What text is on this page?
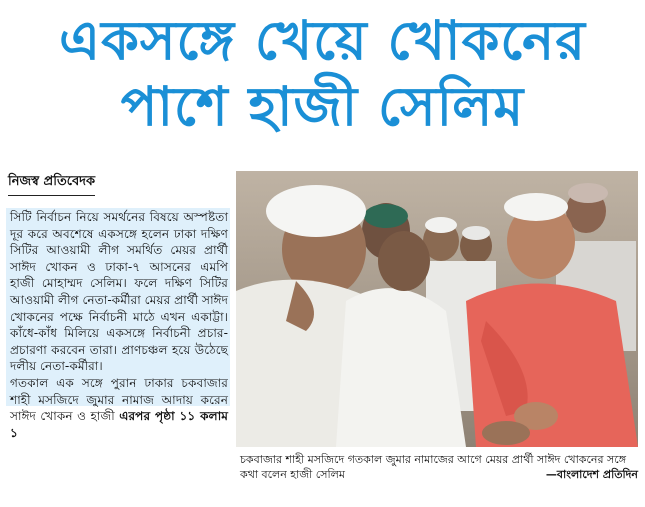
একসঙ্গে খেয়ে খোকনের
পাশে হাজী সেলিম
নিজস্ব প্রতিবেদক

সিটি নির্বাচন নিয়ে সমর্থনের বিষয়ে অস্পষ্টতা দূর করে অবশেষে একসঙ্গে হলেন ঢাকা দক্ষিণ সিটির আওয়ামী লীগ সমর্থিত মেয়র প্রার্থী সাঈদ খোকন ও ঢাকা-৭ আসনের এমপি হাজী মোহাম্মদ সেলিম। ফলে দক্ষিণ সিটির আওয়ামী লীগ নেতা-কর্মীরা মেয়র প্রার্থী সাঈদ খোকনের পক্ষে নির্বাচনী মাঠে এখন একাট্টা। কাঁধে-কাঁধ মিলিয়ে একসঙ্গে নির্বাচনী প্রচার-প্রচারণা করবেন তারা। প্রাণচঞ্চল হয়ে উঠেছে দলীয় নেতা-কর্মীরা।

গতকাল এক সঙ্গে পুরান ঢাকার চকবাজার শাহী মসজিদে জুমার নামাজ আদায় করেন সাঈদ খোকন ও হাজী এরপর পৃষ্ঠা ১১ কলাম ১

চকবাজার শাহী মসজিদে গতকাল জুমার নামাজের আগে মেয়র প্রার্থী সাঈদ খোকনের সঙ্গে কথা বলেন হাজী সেলিম	—বাংলাদেশ প্রতিদিন
